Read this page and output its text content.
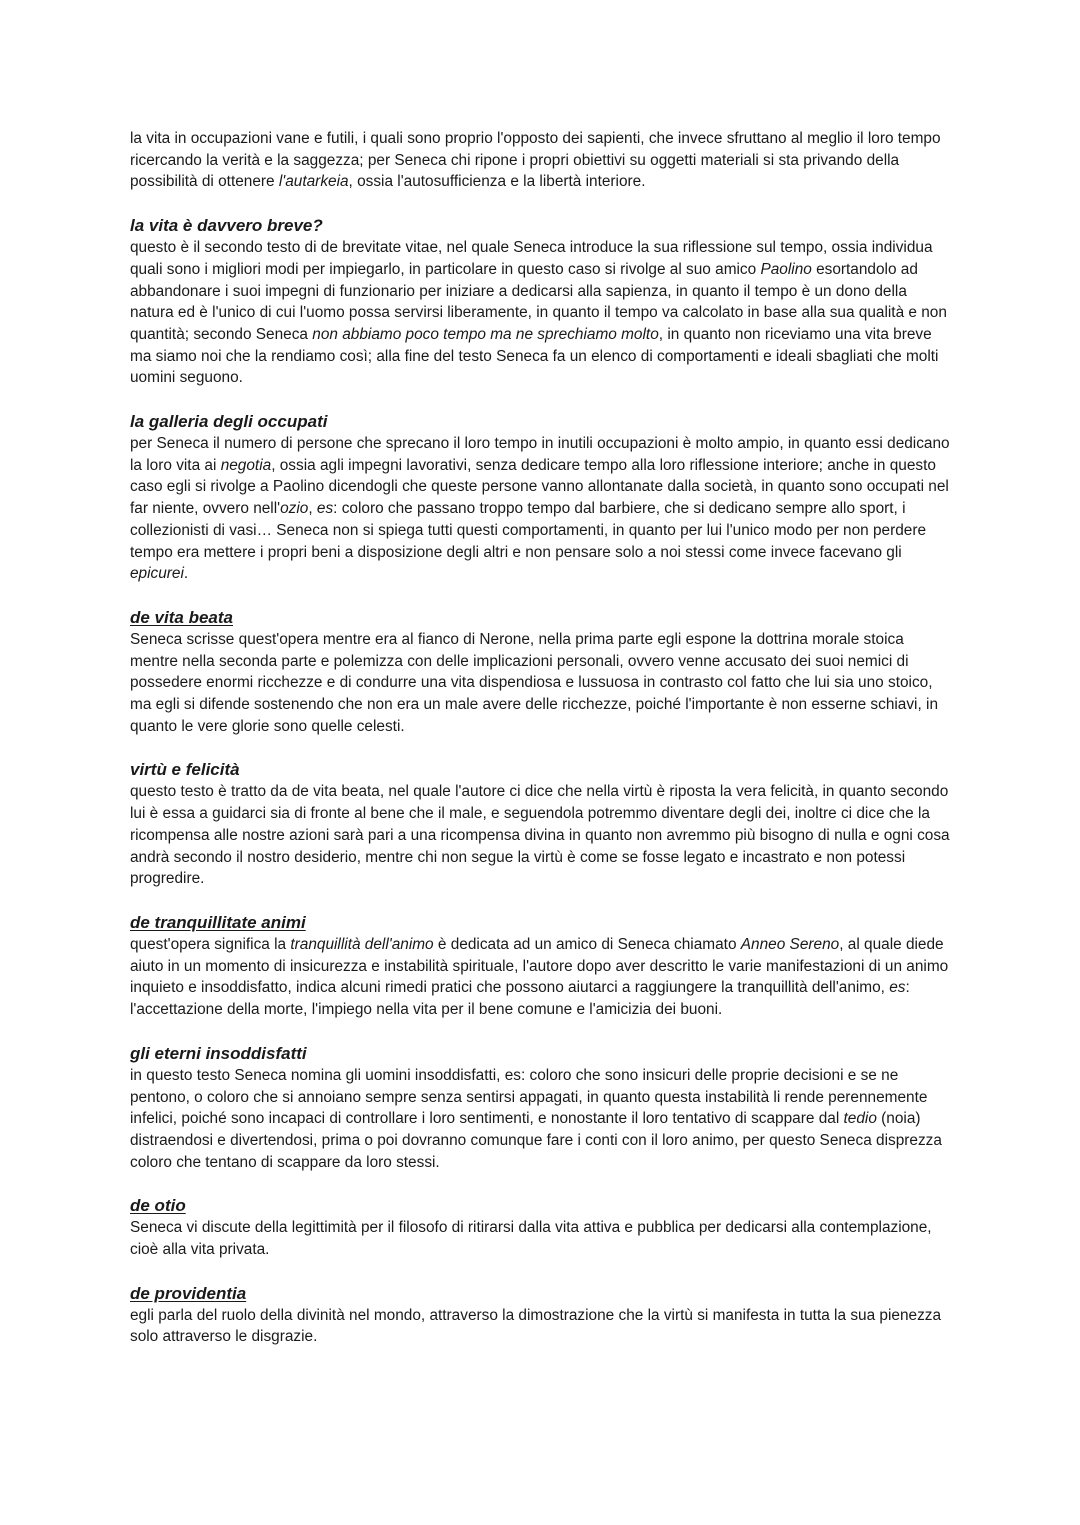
la vita in occupazioni vane e futili, i quali sono proprio l'opposto dei sapienti, che invece sfruttano al meglio il loro tempo ricercando la verità e la saggezza; per Seneca chi ripone i propri obiettivi su oggetti materiali si sta privando della possibilità di ottenere l'autarkeia, ossia l'autosufficienza e la libertà interiore.

la vita è davvero breve?

questo è il secondo testo di de brevitate vitae, nel quale Seneca introduce la sua riflessione sul tempo, ossia individua quali sono i migliori modi per impiegarlo, in particolare in questo caso si rivolge al suo amico Paolino esortandolo ad abbandonare i suoi impegni di funzionario per iniziare a dedicarsi alla sapienza, in quanto il tempo è un dono della natura ed è l'unico di cui l'uomo possa servirsi liberamente, in quanto il tempo va calcolato in base alla sua qualità e non quantità; secondo Seneca non abbiamo poco tempo ma ne sprechiamo molto, in quanto non riceviamo una vita breve ma siamo noi che la rendiamo così; alla fine del testo Seneca fa un elenco di comportamenti e ideali sbagliati che molti uomini seguono.

la galleria degli occupati

per Seneca il numero di persone che sprecano il loro tempo in inutili occupazioni è molto ampio, in quanto essi dedicano la loro vita ai negotia, ossia agli impegni lavorativi, senza dedicare tempo alla loro riflessione interiore; anche in questo caso egli si rivolge a Paolino dicendogli che queste persone vanno allontanate dalla società, in quanto sono occupati nel far niente, ovvero nell'ozio, es: coloro che passano troppo tempo dal barbiere, che si dedicano sempre allo sport, i collezionisti di vasi… Seneca non si spiega tutti questi comportamenti, in quanto per lui l'unico modo per non perdere tempo era mettere i propri beni a disposizione degli altri e non pensare solo a noi stessi come invece facevano gli epicurei.

de vita beata

Seneca scrisse quest'opera mentre era al fianco di Nerone, nella prima parte egli espone la dottrina morale stoica mentre nella seconda parte e polemizza con delle implicazioni personali, ovvero venne accusato dei suoi nemici di possedere enormi ricchezze e di condurre una vita dispendiosa e lussuosa in contrasto col fatto che lui sia uno stoico, ma egli si difende sostenendo che non era un male avere delle ricchezze, poiché l'importante è non esserne schiavi, in quanto le vere glorie sono quelle celesti.

virtù e felicità

questo testo è tratto da de vita beata, nel quale l'autore ci dice che nella virtù è riposta la vera felicità, in quanto secondo lui è essa a guidarci sia di fronte al bene che il male, e seguendola potremmo diventare degli dei, inoltre ci dice che la ricompensa alle nostre azioni sarà pari a una ricompensa divina in quanto non avremmo più bisogno di nulla e ogni cosa andrà secondo il nostro desiderio, mentre chi non segue la virtù è come se fosse legato e incastrato e non potessi progredire.

de tranquillitate animi

quest'opera significa la tranquillità dell'animo è dedicata ad un amico di Seneca chiamato Anneo Sereno, al quale diede aiuto in un momento di insicurezza e instabilità spirituale, l'autore dopo aver descritto le varie manifestazioni di un animo inquieto e insoddisfatto, indica alcuni rimedi pratici che possono aiutarci a raggiungere la tranquillità dell'animo, es: l'accettazione della morte, l'impiego nella vita per il bene comune e l'amicizia dei buoni.

gli eterni insoddisfatti

in questo testo Seneca nomina gli uomini insoddisfatti, es: coloro che sono insicuri delle proprie decisioni e se ne pentono, o coloro che si annoiano sempre senza sentirsi appagati, in quanto questa instabilità li rende perennemente infelici, poiché sono incapaci di controllare i loro sentimenti, e nonostante il loro tentativo di scappare dal tedio (noia) distraendosi e divertendosi, prima o poi dovranno comunque fare i conti con il loro animo, per questo Seneca disprezza coloro che tentano di scappare da loro stessi.

de otio

Seneca vi discute della legittimità per il filosofo di ritirarsi dalla vita attiva e pubblica per dedicarsi alla contemplazione, cioè alla vita privata.

de providentia

egli parla del ruolo della divinità nel mondo, attraverso la dimostrazione che la virtù si manifesta in tutta la sua pienezza solo attraverso le disgrazie.
